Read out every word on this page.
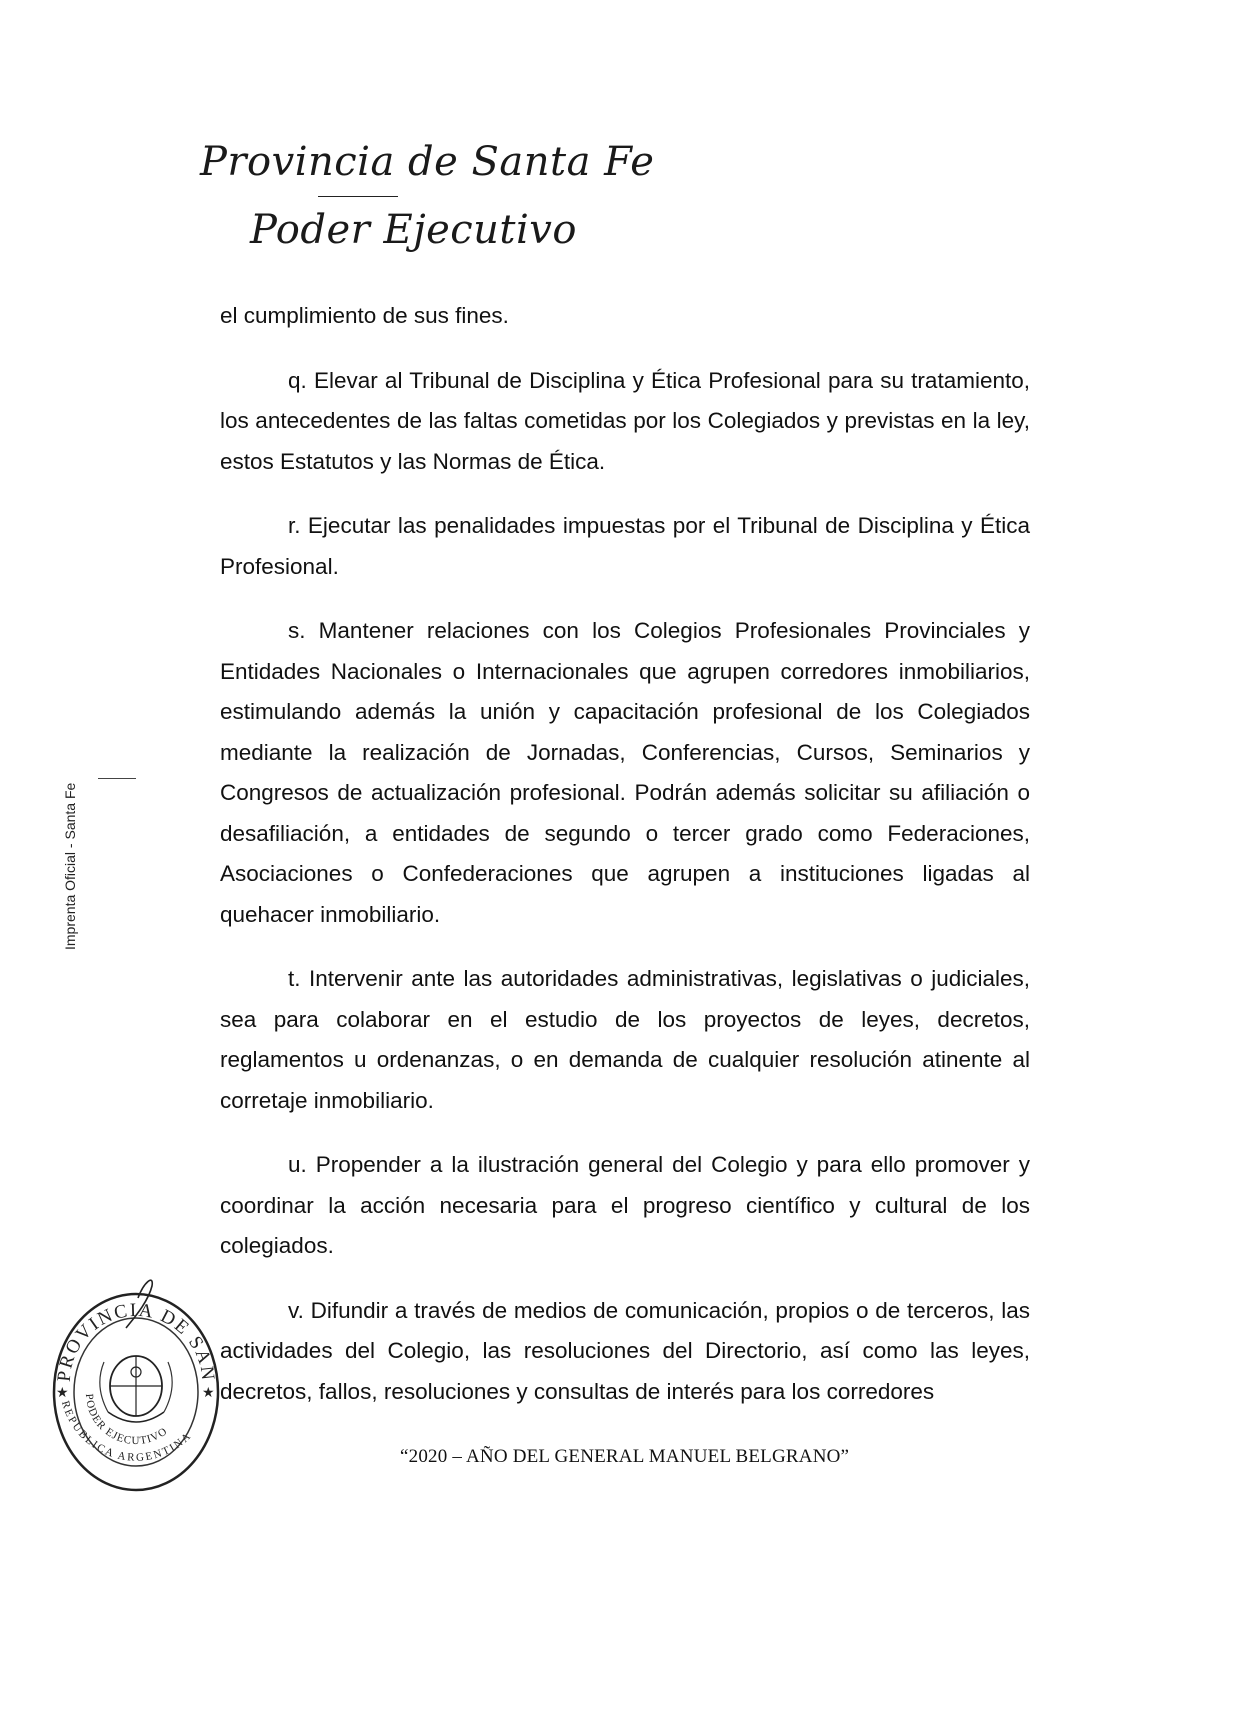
Provincia de Santa Fe
Poder Ejecutivo
Imprenta Oficial - Santa Fe

el cumplimiento de sus fines.

q. Elevar al Tribunal de Disciplina y Ética Profesional para su tratamiento, los antecedentes de las faltas cometidas por los Colegiados y previstas en la ley, estos Estatutos y las Normas de Ética.

r. Ejecutar las penalidades impuestas por el Tribunal de Disciplina y Ética Profesional.

s. Mantener relaciones con los Colegios Profesionales Provinciales y Entidades Nacionales o Internacionales que agrupen corredores inmobiliarios, estimulando además la unión y capacitación profesional de los Colegiados mediante la realización de Jornadas, Conferencias, Cursos, Seminarios y Congresos de actualización profesional. Podrán además solicitar su afiliación o desafiliación, a entidades de segundo o tercer grado como Federaciones, Asociaciones o Confederaciones que agrupen a instituciones ligadas al quehacer inmobiliario.

t. Intervenir ante las autoridades administrativas, legislativas o judiciales, sea para colaborar en el estudio de los proyectos de leyes, decretos, reglamentos u ordenanzas, o en demanda de cualquier resolución atinente al corretaje inmobiliario.

u. Propender a la ilustración general del Colegio y para ello promover y coordinar la acción necesaria para el progreso científico y cultural de los colegiados.

v. Difundir a través de medios de comunicación, propios o de terceros, las actividades del Colegio, las resoluciones del Directorio, así como las leyes, decretos, fallos, resoluciones y consultas de interés para los corredores

PROVINCIA DE SAN
PODER EJECUTIVO
REPUBLICA ARGENTINA
★	★
“2020 – AÑO DEL GENERAL MANUEL BELGRANO”
